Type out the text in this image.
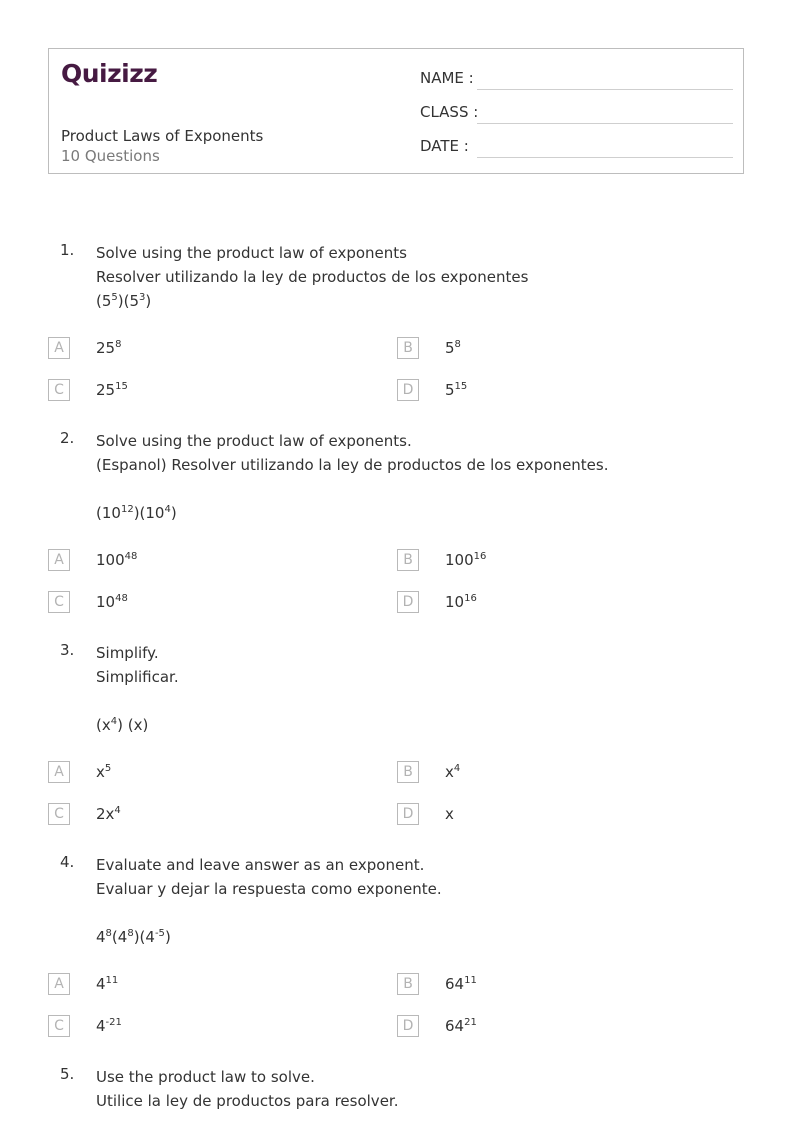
Quizizz
Product Laws of Exponents
10 Questions
NAME :
CLASS :
DATE :
1. Solve using the product law of exponents
Resolver utilizando la ley de productos de los exponentes
$(5^5)(5^3)$
A	$25^8$	B	$5^8$
C	$25^{15}$	D	$5^{15}$
2. Solve using the product law of exponents.
(Espanol) Resolver utilizando la ley de productos de los exponentes.
$(10^{12})(10^4)$
A	$100^{48}$	B	$100^{16}$
C	$10^{48}$	D	$10^{16}$
3. Simplify.
Simplificar.
$(x^4)$ (x)
A	$x^5$	B	$x^4$
C	$2x^4$	D	x
4. Evaluate and leave answer as an exponent.
Evaluar y dejar la respuesta como exponente.
$4^8(4^8)(4^{-5})$
A	$4^{11}$	B	$64^{11}$
C	$4^{-21}$	D	$64^{21}$
5. Use the product law to solve.
Utilice la ley de productos para resolver.
